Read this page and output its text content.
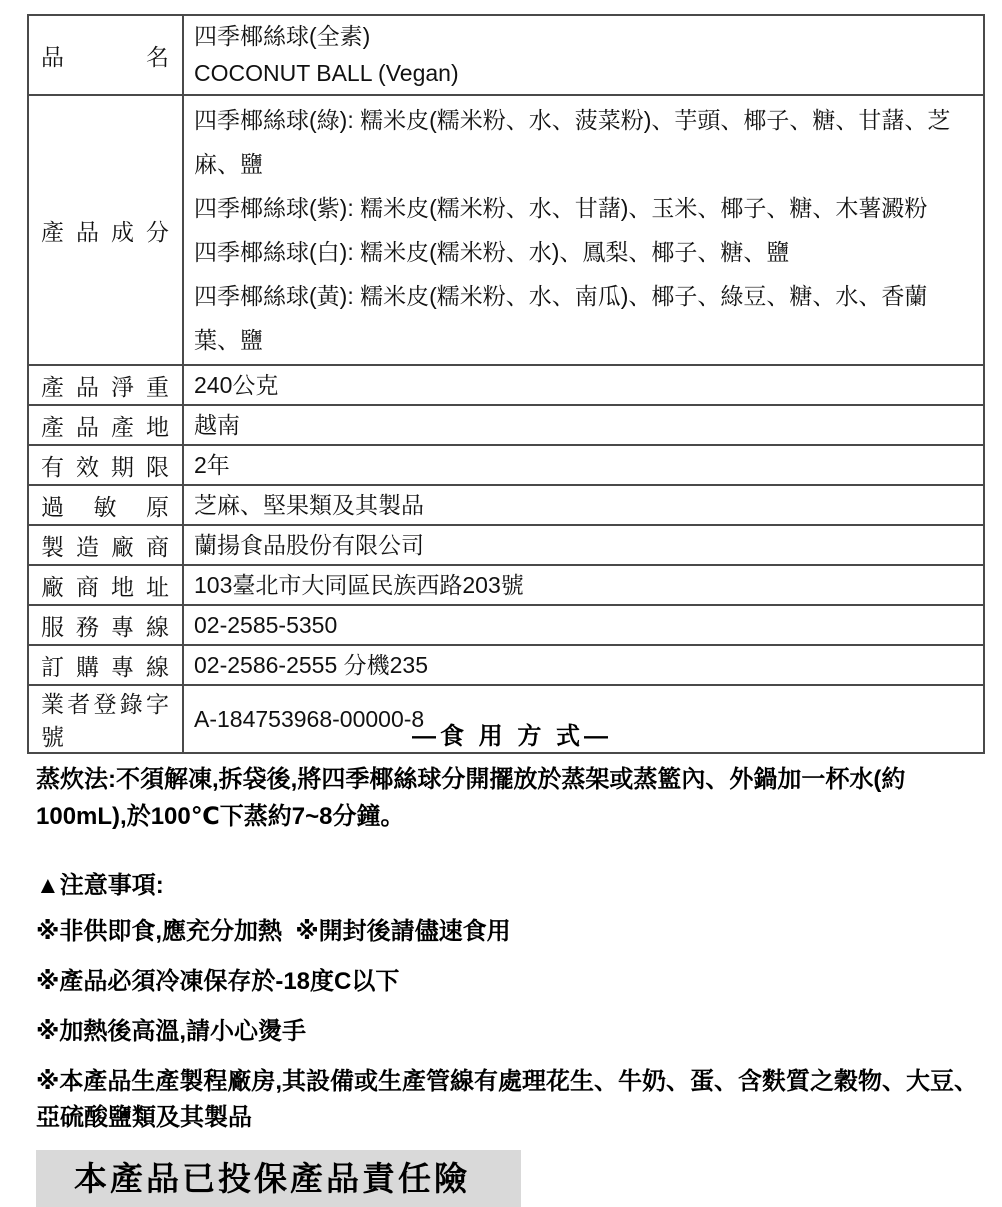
品名	四季椰絲球(全素)
COCONUT BALL (Vegan)

產品成分	四季椰絲球(綠): 糯米皮(糯米粉、水、菠菜粉)、芋頭、椰子、糖、甘藷、芝麻、鹽
四季椰絲球(紫): 糯米皮(糯米粉、水、甘藷)、玉米、椰子、糖、木薯澱粉
四季椰絲球(白): 糯米皮(糯米粉、水)、鳳梨、椰子、糖、鹽
四季椰絲球(黃): 糯米皮(糯米粉、水、南瓜)、椰子、綠豆、糖、水、香蘭葉、鹽

產品淨重	240公克
產品產地	越南
有效期限	2年
過敏原	芝麻、堅果類及其製品
製造廠商	蘭揚食品股份有限公司
廠商地址	103臺北市大同區民族西路203號
服務專線	02-2585-5350
訂購專線	02-2586-2555 分機235
業者登錄字號	A-184753968-00000-8
—食 用 方 式—
蒸炊法:不須解凍,拆袋後,將四季椰絲球分開擺放於蒸架或蒸籃內、外鍋加一杯水(約100mL),於100℃下蒸約7~8分鐘。
▲注意事項:
※非供即食,應充分加熱  ※開封後請儘速食用
※產品必須冷凍保存於-18度C以下
※加熱後高溫,請小心燙手
※本產品生產製程廠房,其設備或生產管線有處理花生、牛奶、蛋、含麩質之穀物、大豆、亞硫酸鹽類及其製品
本產品已投保產品責任險
